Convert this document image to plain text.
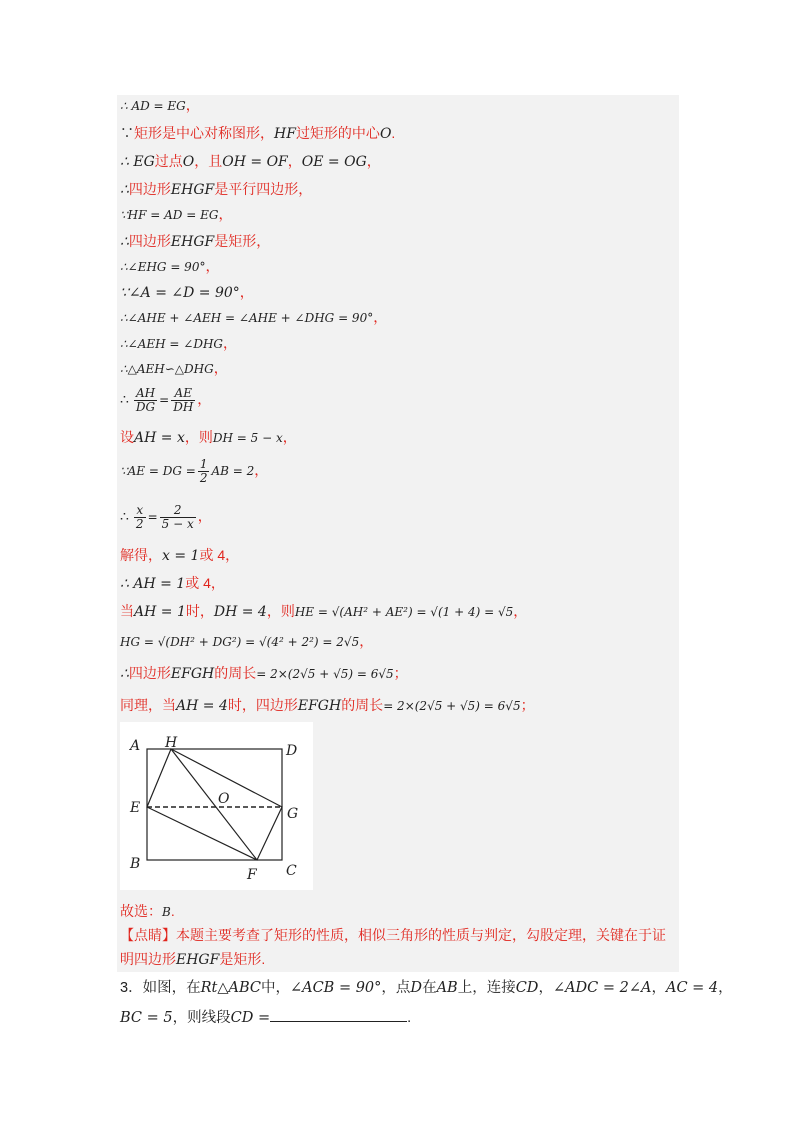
∴ AD = EG，
∵矩形是中心对称图形，HF过矩形的中心O.
∴ EG过点O，且OH = OF，OE = OG，
∴四边形EHGF是平行四边形，
∵HF = AD = EG，
∴四边形EHGF是矩形，
∴∠EHG = 90°，
∵∠A = ∠D = 90°，
∴∠AHE + ∠AEH = ∠AHE + ∠DHG = 90°，
∴∠AEH = ∠DHG，
∴△AEH∽△DHG，
∴ $\frac{AH}{DG} = \frac{AE}{DH}$ ，
设AH = x，则DH = 5 − x，
∵AE = DG = $\frac{1}{2}$ AB = 2，
∴ $\frac{x}{2} = \frac{2}{5 - x}$ ，
解得，x = 1或 4，
∴ AH = 1或 4，
当AH = 1时，DH = 4，则HE = √(AH² + AE²) = √(1 + 4) = √5，
HG = √(DH² + DG²) = √(4² + 2²) = 2√5，
∴四边形EFGH的周长= 2×(2√5 + √5) = 6√5；
同理，当AH = 4时，四边形EFGH的周长= 2×(2√5 + √5) = 6√5；
A H	D
E
O
G
B
F C
故选：B.
【点睛】本题主要考查了矩形的性质，相似三角形的性质与判定，勾股定理，关键在于证
明四边形EHGF是矩形.
3．如图，在Rt△ABC中，∠ACB = 90°，点D在AB上，连接CD，∠ADC = 2∠A，AC = 4，
BC = 5，则线段CD =	.
